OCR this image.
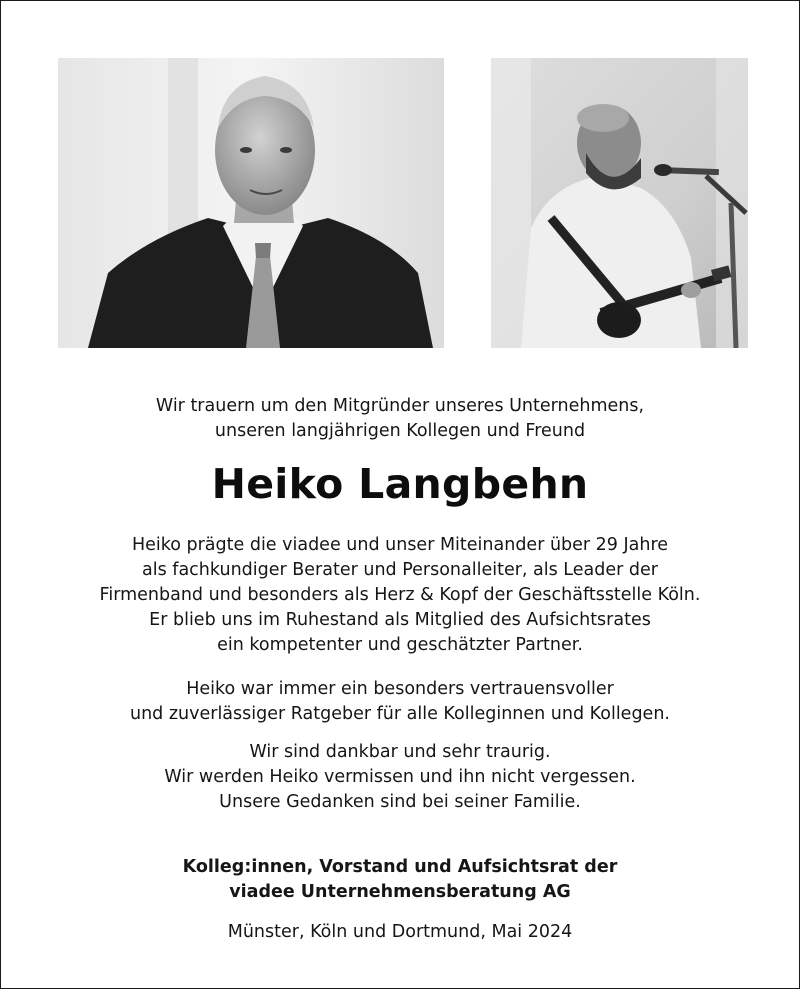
Wir trauern um den Mitgründer unseres Unternehmens,
unseren langjährigen Kollegen und Freund
Heiko Langbehn
Heiko prägte die viadee und unser Miteinander über 29 Jahre
als fachkundiger Berater und Personalleiter, als Leader der
Firmenband und besonders als Herz & Kopf der Geschäftsstelle Köln.
Er blieb uns im Ruhestand als Mitglied des Aufsichtsrates
ein kompetenter und geschätzter Partner.
Heiko war immer ein besonders vertrauensvoller
und zuverlässiger Ratgeber für alle Kolleginnen und Kollegen.
Wir sind dankbar und sehr traurig.
Wir werden Heiko vermissen und ihn nicht vergessen.
Unsere Gedanken sind bei seiner Familie.
Kolleg:innen, Vorstand und Aufsichtsrat der
viadee Unternehmensberatung AG
Münster, Köln und Dortmund, Mai 2024
